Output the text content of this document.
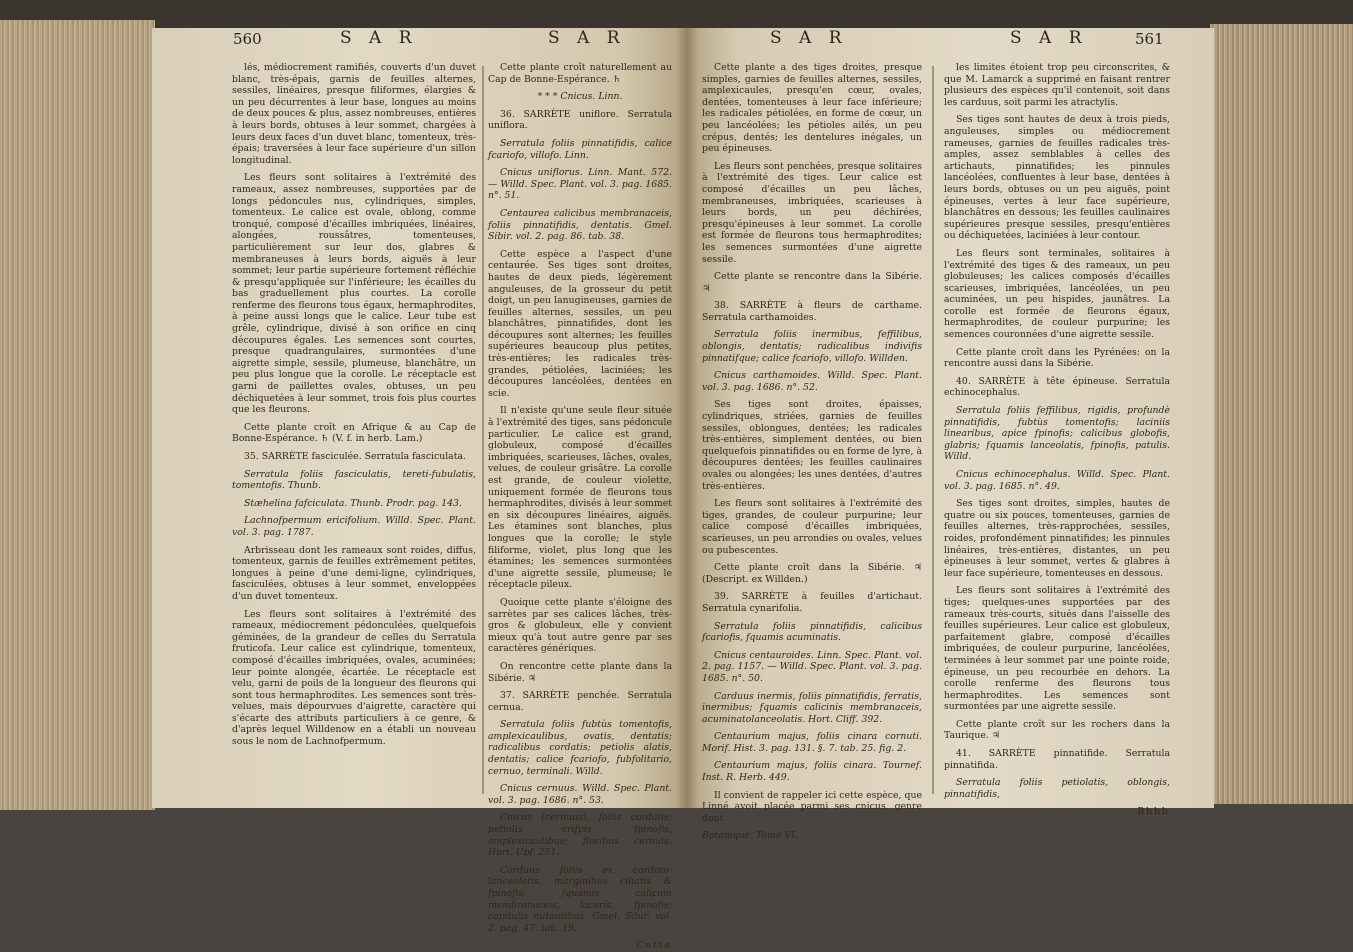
560	S A R	S A R	S A R	S A R	561

lés, médiocrement ramifiés, couverts d'un duvet blanc, très-épais, garnis de feuilles alternes, sessiles, linéaires, presque filiformes, élargies & un peu décurrentes à leur base, longues au moins de deux pouces & plus, assez nombreuses, entières à leurs bords, obtuses à leur sommet, chargées à leurs deux faces d'un duvet blanc, tomenteux, très-épais; traversées à leur face supérieure d'un sillon longitudinal.

Les fleurs sont solitaires à l'extrémité des rameaux, assez nombreuses, supportées par de longs pédoncules nus, cylindriques, simples, tomenteux. Le calice est ovale, oblong, comme tronqué, composé d'écailles imbriquées, linéaires, alongées, roussâtres, tomenteuses, particulièrement sur leur dos, glabres & membraneuses à leurs bords, aiguës à leur sommet; leur partie supérieure fortement réfléchie & presqu'appliquée sur l'inférieure; les écailles du bas graduellement plus courtes. La corolle renferme des fleurons tous égaux, hermaphrodites, à peine aussi longs que le calice. Leur tube est grêle, cylindrique, divisé à son orifice en cinq découpures égales. Les semences sont courtes, presque quadrangulaires, surmontées d'une aigrette simple, sessile, plumeuse, blanchâtre, un peu plus longue que la corolle. Le réceptacle est garni de paillettes ovales, obtuses, un peu déchiquetées à leur sommet, trois fois plus courtes que les fleurons.

Cette plante croît en Afrique & au Cap de Bonne-Espérance. ♄ (V. f. in herb. Lam.)

35. SARRÈTE fasciculée. Serratula fasciculata.

Serratula foliis fasciculatis, tereti-fubulatis, tomentofis. Thunb.

Stæhelina fafciculata. Thunb. Prodr. pag. 143.

Lachnofpermum ericifolium. Willd. Spec. Plant. vol. 3. pag. 1787.

Arbrisseau dont les rameaux sont roides, diffus, tomenteux, garnis de feuilles extrêmement petites, longues à peine d'une demi-ligne, cylindriques, fasciculées, obtuses à leur sommet, enveloppées d'un duvet tomenteux.

Les fleurs sont solitaires à l'extrémité des rameaux, médiocrement pédonculées, quelquefois géminées, de la grandeur de celles du Serratula fruticofa. Leur calice est cylindrique, tomenteux, composé d'écailles imbriquées, ovales, acuminées; leur pointe alongée, écartée. Le réceptacle est velu, garni de poils de la longueur des fleurons qui sont tous hermaphrodites. Les semences sont très-velues, mais dépourvues d'aigrette, caractère qui s'écarte des attributs particuliers à ce genre, & d'après lequel Willdenow en a établi un nouveau sous le nom de Lachnofpermum.

Cette plante croît naturellement au Cap de Bonne-Espérance. ♄

* * * Cnicus. Linn.

36. SARRÈTE uniflore. Serratula uniflora.

Serratula foliis pinnatifidis, calice fcariofo, villofo. Linn.

Cnicus uniflorus. Linn. Mant. 572. — Willd. Spec. Plant. vol. 3. pag. 1685. n°. 51.

Centaurea calicibus membranaceis, foliis pinnatifidis, dentatis. Gmel. Sibir. vol. 2. pag. 86. tab. 38.

Cette espèce a l'aspect d'une centaurée. Ses tiges sont droites, hautes de deux pieds, légèrement anguleuses, de la grosseur du petit doigt, un peu lanugineuses, garnies de feuilles alternes, sessiles, un peu blanchâtres, pinnatifides, dont les découpures sont alternes; les feuilles supérieures beaucoup plus petites, très-entières; les radicales très-grandes, pétiolées, laciniées; les découpures lancéolées, dentées en scie.

Il n'existe qu'une seule fleur située à l'extrémité des tiges, sans pédoncule particulier. Le calice est grand, globuleux, composé d'écailles imbriquées, scarieuses, lâches, ovales, velues, de couleur grisâtre. La corolle est grande, de couleur violette, uniquement formée de fleurons tous hermaphrodites, divisés à leur sommet en six découpures linéaires, aiguës. Les étamines sont blanches, plus longues que la corolle; le style filiforme, violet, plus long que les étamines; les semences surmontées d'une aigrette sessile, plumeuse; le réceptacle pileux.

Quoique cette plante s'éloigne des sarrètes par ses calices lâches, très-gros & globuleux, elle y convient mieux qu'à tout autre genre par ses caractères génériques.

On rencontre cette plante dans la Sibérie. ♃

37. SARRÈTE penchée. Serratula cernua.

Serratula foliis fubtùs tomentofis, amplexicaulibus, ovatis, dentatis; radicalibus cordatis; petiolis alatis, dentatis; calice fcariofo, fubfolitario, cernuo, terminali. Willd.

Cnicus cernuus. Willd. Spec. Plant. vol. 3. pag. 1686. n°. 53.

Cnicus (cernuus), foliis cordatis; petiolis crifpis, fpinofis, amplexicaulibus; floribus cernuis. Hort. Upf. 251.

Carduus foliis ex cordato-lanceolatis, marginibus ciliatis & fpinofis; fquamis calicum membranaceis, laceris, fpinofis; capitulis nutantibus. Gmel. Sibir. vol. 2. pag. 47. tab. 19.

Cette

Cette plante a des tiges droites, presque simples, garnies de feuilles alternes, sessiles, amplexicaules, presqu'en cœur, ovales, dentées, tomenteuses à leur face inférieure; les radicales pétiolées, en forme de cœur, un peu lancéolées; les pétioles ailés, un peu crépus, dentés; les dentelures inégales, un peu épineuses.

Les fleurs sont penchées, presque solitaires à l'extrémité des tiges. Leur calice est composé d'écailles un peu lâches, membraneuses, imbriquées, scarieuses à leurs bords, un peu déchirées, presqu'épineuses à leur sommet. La corolle est formée de fleurons tous hermaphrodites; les semences surmontées d'une aigrette sessile.

Cette plante se rencontre dans la Sibérie. ♃

38. SARRÈTE à fleurs de carthame. Serratula carthamoides.

Serratula foliis inermibus, feffilibus, oblongis, dentatis; radicalibus indivifis pinnatifque; calice fcariofo, villofo. Willden.

Cnicus carthamoides. Willd. Spec. Plant. vol. 3. pag. 1686. n°. 52.

Ses tiges sont droites, épaisses, cylindriques, striées, garnies de feuilles sessiles, oblongues, dentées; les radicales très-entières, simplement dentées, ou bien quelquefois pinnatifides ou en forme de lyre, à découpures dentées; les feuilles caulinaires ovales ou alongées; les unes dentées, d'autres très-entières.

Les fleurs sont solitaires à l'extrémité des tiges, grandes, de couleur purpurine; leur calice composé d'écailles imbriquées, scarieuses, un peu arrondies ou ovales, velues ou pubescentes.

Cette plante croît dans la Sibérie. ♃ (Descript. ex Willden.)

39. SARRÈTE à feuilles d'artichaut. Serratula cynarifolia.

Serratula foliis pinnatifidis, calicibus fcariofis, fquamis acuminatis.

Cnicus centauroides. Linn. Spec. Plant. vol. 2. pag. 1157. — Willd. Spec. Plant. vol. 3. pag. 1685. n°. 50.

Carduus inermis, foliis pinnatifidis, ferratis, inermibus; fquamis calicinis membranaceis, acuminatolanceolatis. Hort. Cliff. 392.

Centaurium majus, foliis cinara cornuti. Morif. Hist. 3. pag. 131. §. 7. tab. 25. fig. 2.

Centaurium majus, foliis cinara. Tournef. Inst. R. Herb. 449.

Il convient de rappeler ici cette espèce, que Linné avoit placée parmi ses cnicus, genre dont

Botanique. Tome VI.

les limites étoient trop peu circonscrites, & que M. Lamarck a supprimé en faisant rentrer plusieurs des espèces qu'il contenoit, soit dans les carduus, soit parmi les atractylis.

Ses tiges sont hautes de deux à trois pieds, anguleuses, simples ou médiocrement rameuses, garnies de feuilles radicales très-amples, assez semblables à celles des artichauts, pinnatifides; les pinnules lancéolées, confluentes à leur base, dentées à leurs bords, obtuses ou un peu aiguës, point épineuses, vertes à leur face supérieure, blanchâtres en dessous; les feuilles caulinaires supérieures presque sessiles, presqu'entières ou déchiquetées, laciniées à leur contour.

Les fleurs sont terminales, solitaires à l'extrémité des tiges & des rameaux, un peu globuleuses; les calices composés d'écailles scarieuses, imbriquées, lancéolées, un peu acuminées, un peu hispides, jaunâtres. La corolle est formée de fleurons égaux, hermaphrodites, de couleur purpurine; les semences couronnées d'une aigrette sessile.

Cette plante croît dans les Pyrénées: on la rencontre aussi dans la Sibérie.

40. SARRÈTE à tête épineuse. Serratula echinocephalus.

Serratula foliis feffilibus, rigidis, profundè pinnatifidis, fubtùs tomentofis; laciniis linearibus, apice fpinofis; calicibus globofis, glabris; fquamis lanceolatis, fpinofis, patulis. Willd.

Cnicus echinocephalus. Willd. Spec. Plant. vol. 3. pag. 1685. n°. 49.

Ses tiges sont droites, simples, hautes de quatre ou six pouces, tomenteuses, garnies de feuilles alternes, très-rapprochées, sessiles, roides, profondément pinnatifides; les pinnules linéaires, très-entières, distantes, un peu épineuses à leur sommet, vertes & glabres à leur face supérieure, tomenteuses en dessous.

Les fleurs sont solitaires à l'extrémité des tiges; quelques-unes supportées par des rameaux très-courts, situés dans l'aisselle des feuilles supérieures. Leur calice est globuleux, parfaitement glabre, composé d'écailles imbriquées, de couleur purpurine, lancéolées, terminées à leur sommet par une pointe roide, épineuse, un peu recourbée en dehors. La corolle renferme des fleurons tous hermaphrodites. Les semences sont surmontées par une aigrette sessile.

Cette plante croît sur les rochers dans la Taurique. ♃

41. SARRÈTE pinnatifide. Serratula pinnatifida.

Serratula foliis petiolatis, oblongis, pinnatifidis,

Bbbb
